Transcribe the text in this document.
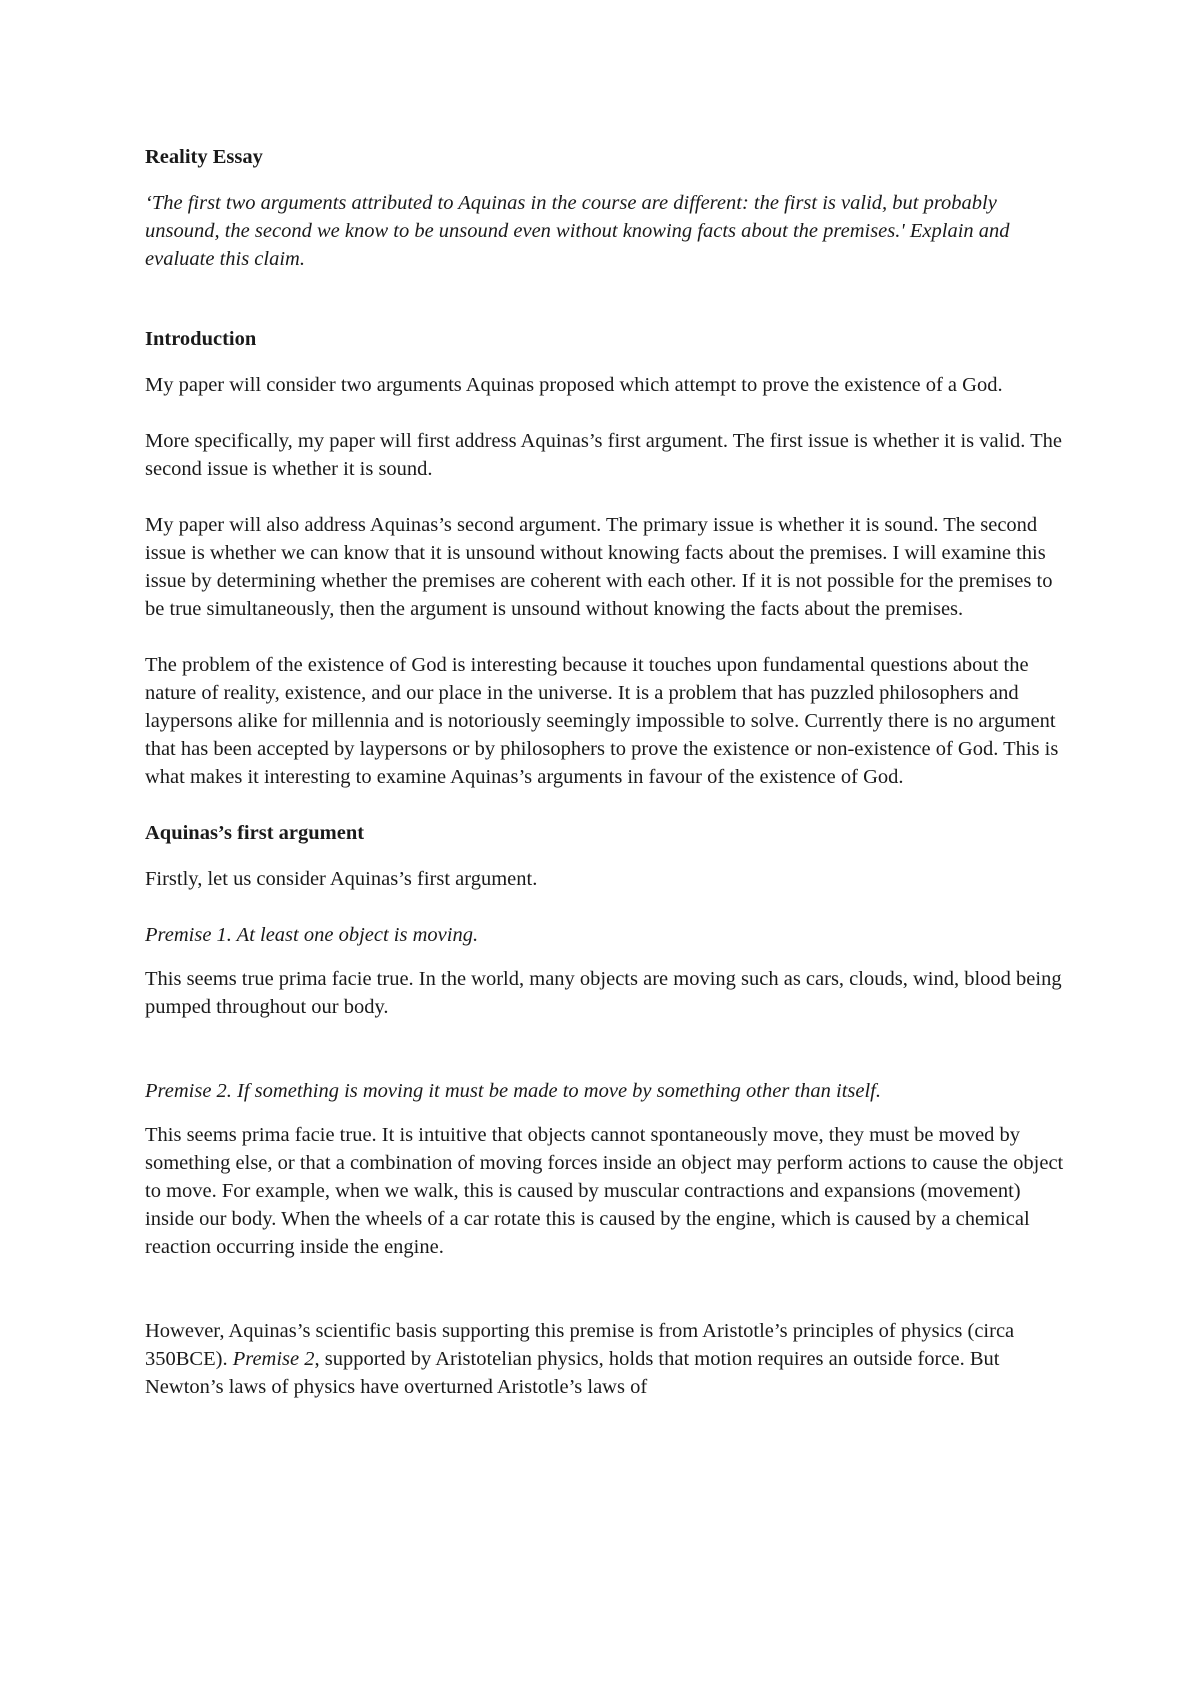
Reality Essay
‘The first two arguments attributed to Aquinas in the course are different: the first is valid, but probably unsound, the second we know to be unsound even without knowing facts about the premises.' Explain and evaluate this claim.
Introduction

My paper will consider two arguments Aquinas proposed which attempt to prove the existence of a God.

More specifically, my paper will first address Aquinas’s first argument. The first issue is whether it is valid. The second issue is whether it is sound.

My paper will also address Aquinas’s second argument. The primary issue is whether it is sound. The second issue is whether we can know that it is unsound without knowing facts about the premises. I will examine this issue by determining whether the premises are coherent with each other. If it is not possible for the premises to be true simultaneously, then the argument is unsound without knowing the facts about the premises.

The problem of the existence of God is interesting because it touches upon fundamental questions about the nature of reality, existence, and our place in the universe. It is a problem that has puzzled philosophers and laypersons alike for millennia and is notoriously seemingly impossible to solve. Currently there is no argument that has been accepted by laypersons or by philosophers to prove the existence or non-existence of God. This is what makes it interesting to examine Aquinas’s arguments in favour of the existence of God.

Aquinas’s first argument

Firstly, let us consider Aquinas’s first argument.

Premise 1. At least one object is moving.

This seems true prima facie true. In the world, many objects are moving such as cars, clouds, wind, blood being pumped throughout our body.

Premise 2. If something is moving it must be made to move by something other than itself.

This seems prima facie true. It is intuitive that objects cannot spontaneously move, they must be moved by something else, or that a combination of moving forces inside an object may perform actions to cause the object to move. For example, when we walk, this is caused by muscular contractions and expansions (movement) inside our body. When the wheels of a car rotate this is caused by the engine, which is caused by a chemical reaction occurring inside the engine.

However, Aquinas’s scientific basis supporting this premise is from Aristotle’s principles of physics (circa 350BCE). Premise 2, supported by Aristotelian physics, holds that motion requires an outside force. But Newton’s laws of physics have overturned Aristotle’s laws of
